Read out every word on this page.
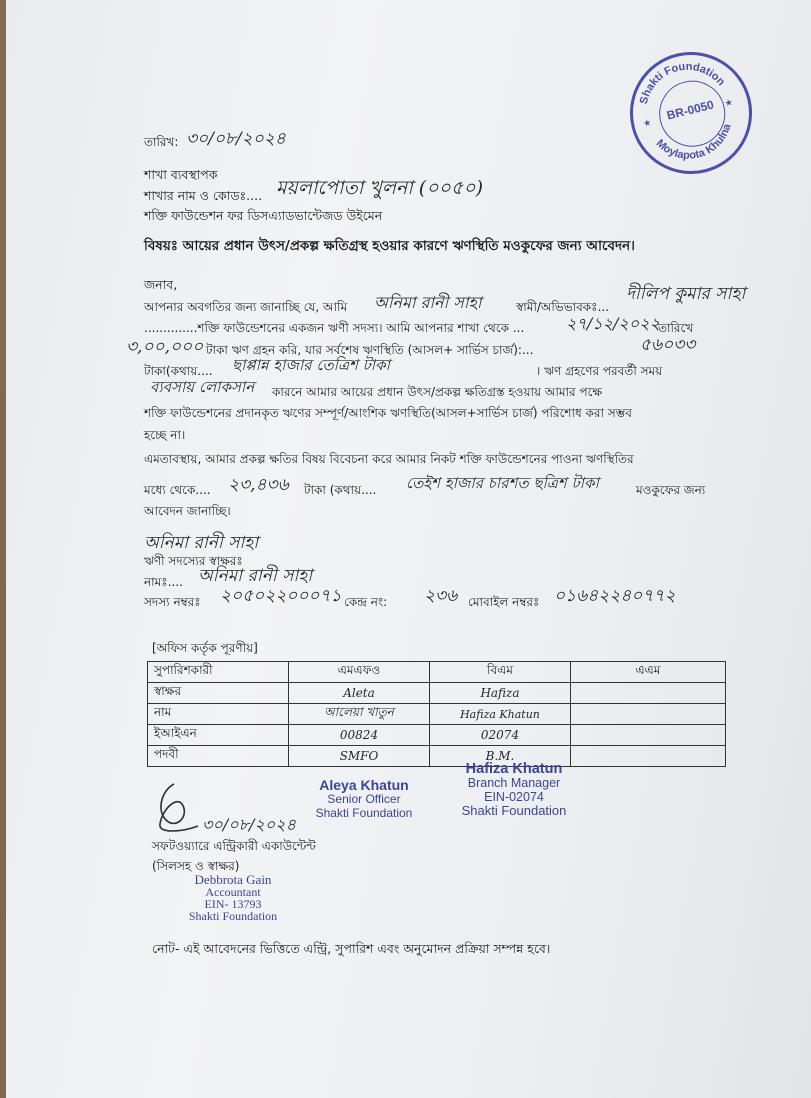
Shakti Foundation
Moylapota Khulna
★
★
BR-0050
তারিখ: ৩০/০৮/২০২৪
শাখা ব্যবস্থাপক
শাখার নাম ও কোডঃ.... ময়লাপোতা খুলনা (০০৫০)
শক্তি ফাউন্ডেশন ফর ডিসএ্যাডভান্টেজড উইমেন
বিষয়ঃ আয়ের প্রধান উৎস/প্রকল্প ক্ষতিগ্রস্থ হওয়ার কারণে ঋণস্থিতি মওকুফের জন্য আবেদন।
জনাব,
আপনার অবগতির জন্য জানাচ্ছি যে, আমি অনিমা রানী সাহা	স্বামী/অভিভাবকঃ...
দীলিপ কুমার সাহা
..............শক্তি ফাউন্ডেশনের একজন ঋণী সদস্য। আমি আপনার শাখা থেকে ...	২৭/১২/২০২২
তারিখে
৩,০০,০০০ টাকা ঋণ গ্রহন করি, যার সর্বশেষ ঋণস্থিতি (আসল+ সার্ভিস চার্জ):...	৫৬০৩৩
টাকা(কথায়.... ছাপ্পান্ন হাজার তেত্রিশ টাকা	। ঋণ গ্রহণের পরবর্তী সময়
ব্যবসায় লোকসান কারনে আমার আয়ের প্রধান উৎস/প্রকল্প ক্ষতিগ্রস্ত হওয়ায় আমার পক্ষে
শক্তি ফাউন্ডেশনের প্রদানকৃত ঋণের সম্পূর্ণ/আংশিক ঋণস্থিতি(আসল+সার্ভিস চার্জ) পরিশোধ করা সম্ভব
হচ্ছে না।
এমতাবস্থায়, আমার প্রকল্প ক্ষতির বিষয় বিবেচনা করে আমার নিকট শক্তি ফাউন্ডেশনের পাওনা ঋণস্থিতির
মধ্যে থেকে.... ২৩,৪৩৬ টাকা (কথায়.... তেইশ হাজার চারশত ছত্রিশ টাকা	মওকুফের জন্য
আবেদন জানাচ্ছি।
অনিমা রানী সাহা
ঋণী সদস্যের স্বাক্ষরঃ
নামঃ.... অনিমা রানী সাহা
সদস্য নম্বরঃ ২০৫০২২০০০৭১ কেন্দ্র নং: ২৩৬ মোবাইল নম্বরঃ ০১৬৪২২৪০৭৭২
[অফিস কর্তৃক পূরণীয়]
সুপারিশকারী	এমএফও	বিএম	এএম
স্বাক্ষর	Aleta	Hafiza	
নাম	আলেয়া খাতুন	Hafiza Khatun	
ইআইএন	00824	02074	
পদবী	SMFO	B.M.	
Aleya Khatun
Senior Officer
Shakti Foundation
Hafiza Khatun
Branch Manager
EIN-02074
Shakti Foundation
৩০/০৮/২০২৪
সফটওয়্যারে এন্ট্রিকারী একাউন্টেন্ট
(সিলসহ ও স্বাক্ষর)
Debbrota Gain
Accountant
EIN- 13793
Shakti Foundation
নোট- এই আবেদনের ভিত্তিতে এন্ট্রি, সুপারিশ এবং অনুমোদন প্রক্রিয়া সম্পন্ন হবে।
